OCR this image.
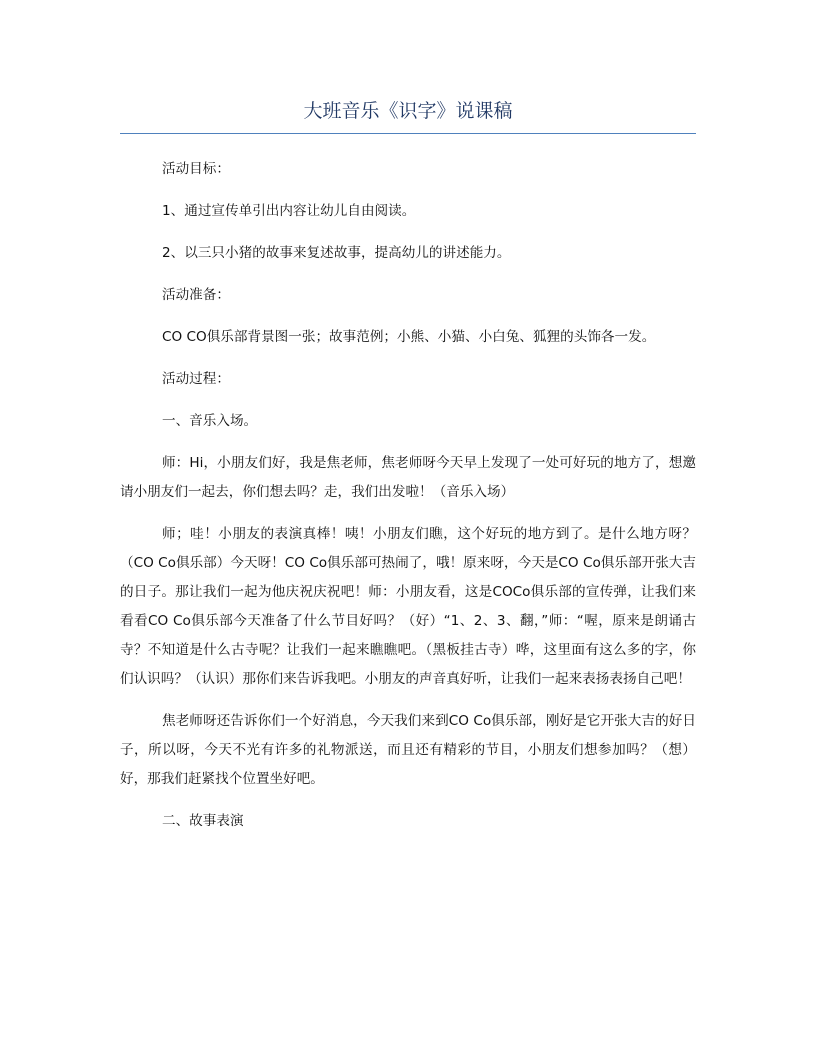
大班音乐《识字》说课稿

活动目标：

1、通过宣传单引出内容让幼儿自由阅读。

2、以三只小猪的故事来复述故事，提高幼儿的讲述能力。

活动准备：

CO CO俱乐部背景图一张；故事范例；小熊、小猫、小白兔、狐狸的头饰各一发。

活动过程：

一、音乐入场。

师：Hi，小朋友们好，我是焦老师，焦老师呀今天早上发现了一处可好玩的地方了，想邀请小朋友们一起去，你们想去吗？走，我们出发啦！（音乐入场）

师；哇！小朋友的表演真棒！咦！小朋友们瞧，这个好玩的地方到了。是什么地方呀？（CO Co俱乐部）今天呀！CO Co俱乐部可热闹了，哦！原来呀，今天是CO Co俱乐部开张大吉的日子。那让我们一起为他庆祝庆祝吧！师：小朋友看，这是COCo俱乐部的宣传弹，让我们来看看CO Co俱乐部今天准备了什么节目好吗？（好）“1、2、3、翻，”师：“喔，原来是朗诵古寺？不知道是什么古寺呢？让我们一起来瞧瞧吧。（黑板挂古寺）哗，这里面有这么多的字，你们认识吗？（认识）那你们来告诉我吧。小朋友的声音真好听，让我们一起来表扬表扬自己吧！

焦老师呀还告诉你们一个好消息，今天我们来到CO Co俱乐部，刚好是它开张大吉的好日子，所以呀，今天不光有许多的礼物派送，而且还有精彩的节目，小朋友们想参加吗？（想）好，那我们赶紧找个位置坐好吧。

二、故事表演
